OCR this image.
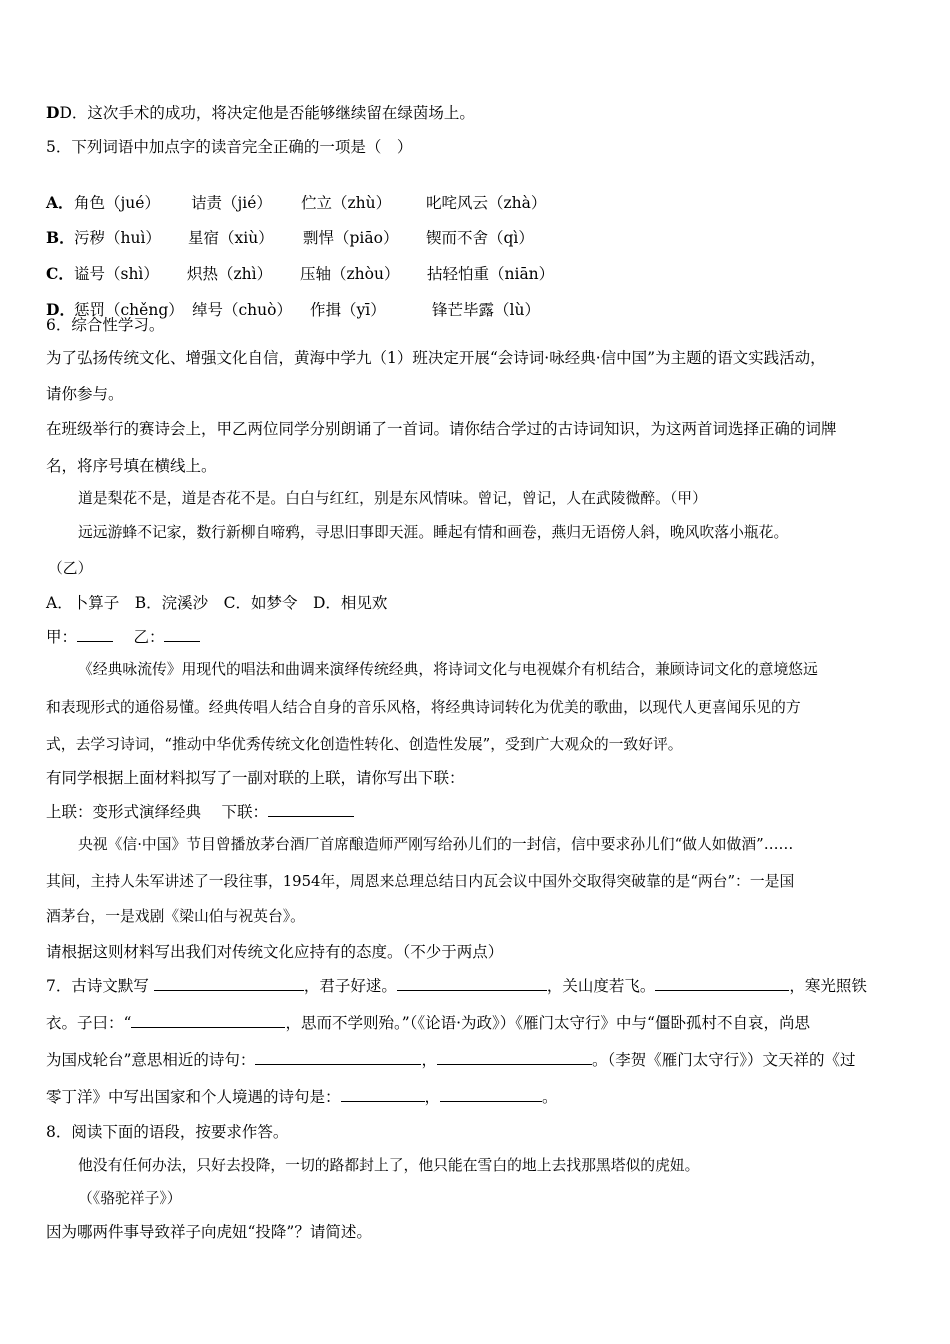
DD．这次手术的成功，将决定他是否能够继续留在绿茵场上。
5．下列词语中加点字的读音完全正确的一项是（　）

A．角色（jué） 诘责（jié） 伫立（zhù） 叱咤风云（zhà）

B．污秽（huì） 星宿（xiù） 剽悍（piāo） 锲而不舍（qì）

C．谥号（shì） 炽热（zhì） 压轴（zhòu） 拈轻怕重（niān）

D．惩罚（chěng） 绰号（chuò） 作揖（yī）	锋芒毕露（lù）
6．综合性学习。
为了弘扬传统文化、增强文化自信，黄海中学九（1）班决定开展“会诗词·咏经典·信中国”为主题的语文实践活动，
请你参与。
在班级举行的赛诗会上，甲乙两位同学分别朗诵了一首词。请你结合学过的古诗词知识，为这两首词选择正确的词牌
名，将序号填在横线上。
道是梨花不是，道是杏花不是。白白与红红，别是东风情味。曾记，曾记，人在武陵微醉。（甲）
远远游蜂不记家，数行新柳自啼鸦，寻思旧事即天涯。睡起有情和画卷，燕归无语傍人斜，晚风吹落小瓶花。
（乙）
A．卜算子　B．浣溪沙　C．如梦令　D．相见欢
甲：　	乙：
《经典咏流传》用现代的唱法和曲调来演绎传统经典，将诗词文化与电视媒介有机结合，兼顾诗词文化的意境悠远
和表现形式的通俗易懂。经典传唱人结合自身的音乐风格，将经典诗词转化为优美的歌曲，以现代人更喜闻乐见的方
式，去学习诗词，“推动中华优秀传统文化创造性转化、创造性发展”，受到广大观众的一致好评。
有同学根据上面材料拟写了一副对联的上联，请你写出下联：
上联：变形式演绎经典　 下联：
央视《信·中国》节目曾播放茅台酒厂首席酿造师严刚写给孙儿们的一封信，信中要求孙儿们“做人如做酒”……
其间，主持人朱军讲述了一段往事，1954年，周恩来总理总结日内瓦会议中国外交取得突破靠的是“两台”：一是国
酒茅台，一是戏剧《梁山伯与祝英台》。
请根据这则材料写出我们对传统文化应持有的态度。（不少于两点）
7．古诗文默写	，君子好逑。	，关山度若飞。	，寒光照铁
衣。子曰：“	，思而不学则殆。”（《论语·为政》）《雁门太守行》中与“僵卧孤村不自哀，尚思
为国戍轮台”意思相近的诗句：	，	。（李贺《雁门太守行》）文天祥的《过
零丁洋》中写出国家和个人境遇的诗句是：	，	。
8．阅读下面的语段，按要求作答。
他没有任何办法，只好去投降，一切的路都封上了，他只能在雪白的地上去找那黑塔似的虎妞。
（《骆驼祥子》）
因为哪两件事导致祥子向虎妞“投降”？请简述。
